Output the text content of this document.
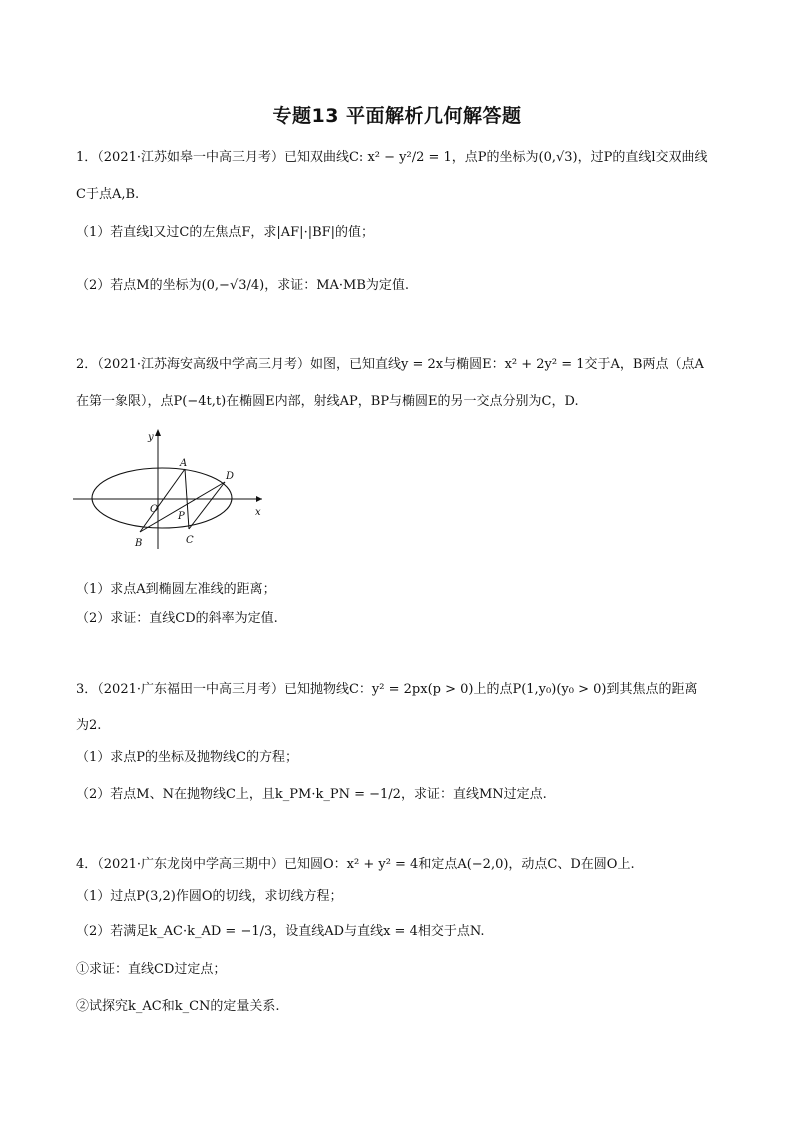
专题13 平面解析几何解答题
1．（2021·江苏如皋一中高三月考）已知双曲线C: x² − y²/2 = 1，点P的坐标为(0,√3)，过P的直线l交双曲线
C于点A,B.
（1）若直线l又过C的左焦点F，求|AF|·|BF|的值；
（2）若点M的坐标为(0,−√3/4)，求证：MA·MB为定值.
2．（2021·江苏海安高级中学高三月考）如图，已知直线y = 2x与椭圆E：x² + 2y² = 1交于A，B两点（点A
在第一象限），点P(−4t,t)在椭圆E内部，射线AP，BP与椭圆E的另一交点分别为C，D.
y
x
O
A
D
P
B	C
（1）求点A到椭圆左准线的距离；
（2）求证：直线CD的斜率为定值.
3．（2021·广东福田一中高三月考）已知抛物线C：y² = 2px(p > 0)上的点P(1,y₀)(y₀ > 0)到其焦点的距离
为2.
（1）求点P的坐标及抛物线C的方程；
（2）若点M、N在抛物线C上，且k_PM·k_PN = −1/2，求证：直线MN过定点.
4．（2021·广东龙岗中学高三期中）已知圆O：x² + y² = 4和定点A(−2,0)，动点C、D在圆O上.
（1）过点P(3,2)作圆O的切线，求切线方程；
（2）若满足k_AC·k_AD = −1/3，设直线AD与直线x = 4相交于点N.
①求证：直线CD过定点；
②试探究k_AC和k_CN的定量关系.
